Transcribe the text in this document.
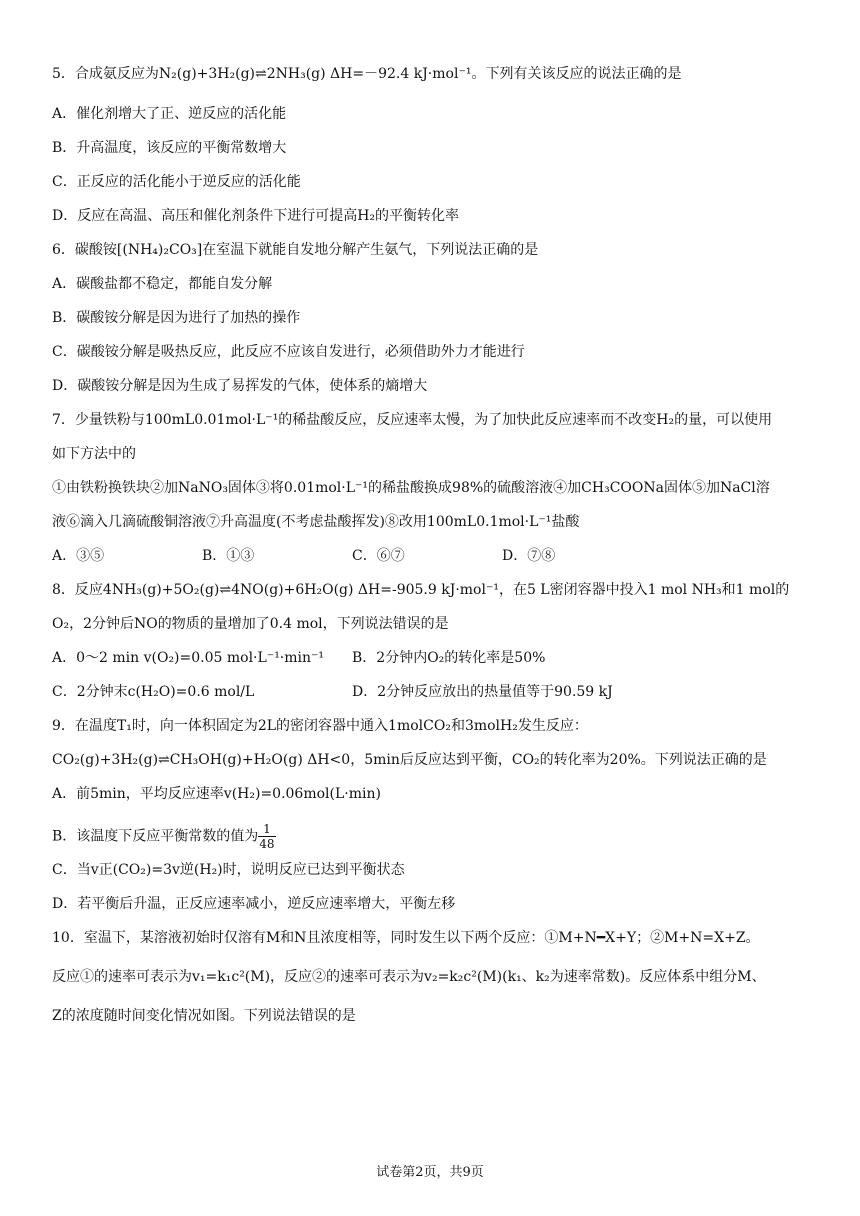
5．合成氨反应为N₂(g)+3H₂(g)⇌2NH₃(g) ΔH=－92.4 kJ·mol⁻¹。下列有关该反应的说法正确的是
A．催化剂增大了正、逆反应的活化能
B．升高温度，该反应的平衡常数增大
C．正反应的活化能小于逆反应的活化能
D．反应在高温、高压和催化剂条件下进行可提高H₂的平衡转化率
6．碳酸铵[(NH₄)₂CO₃]在室温下就能自发地分解产生氨气，下列说法正确的是
A．碳酸盐都不稳定，都能自发分解
B．碳酸铵分解是因为进行了加热的操作
C．碳酸铵分解是吸热反应，此反应不应该自发进行，必须借助外力才能进行
D．碳酸铵分解是因为生成了易挥发的气体，使体系的熵增大
7．少量铁粉与100mL0.01mol·L⁻¹的稀盐酸反应，反应速率太慢，为了加快此反应速率而不改变H₂的量，可以使用
如下方法中的
①由铁粉换铁块②加NaNO₃固体③将0.01mol·L⁻¹的稀盐酸换成98%的硫酸溶液④加CH₃COONa固体⑤加NaCl溶
液⑥滴入几滴硫酸铜溶液⑦升高温度(不考虑盐酸挥发)⑧改用100mL0.1mol·L⁻¹盐酸
A．③⑤	B．①③	C．⑥⑦	D．⑦⑧
8．反应4NH₃(g)+5O₂(g)⇌4NO(g)+6H₂O(g) ΔH=-905.9 kJ·mol⁻¹，在5 L密闭容器中投入1 mol NH₃和1 mol的
O₂，2分钟后NO的物质的量增加了0.4 mol，下列说法错误的是
A．0～2 min v(O₂)=0.05 mol·L⁻¹·min⁻¹ B．2分钟内O₂的转化率是50%
C．2分钟末c(H₂O)=0.6 mol/L	D．2分钟反应放出的热量值等于90.59 kJ
9．在温度T₁时，向一体积固定为2L的密闭容器中通入1molCO₂和3molH₂发生反应：
CO₂(g)+3H₂(g)⇌CH₃OH(g)+H₂O(g) ΔH<0，5min后反应达到平衡，CO₂的转化率为20%。下列说法正确的是
A．前5min，平均反应速率v(H₂)=0.06mol(L·min)
B．该温度下反应平衡常数的值为 $\frac{1}{48}$
C．当v正(CO₂)=3v逆(H₂)时，说明反应已达到平衡状态
D．若平衡后升温，正反应速率减小，逆反应速率增大，平衡左移
10．室温下，某溶液初始时仅溶有M和N且浓度相等，同时发生以下两个反应：①M+N━X+Y；②M+N=X+Z。
反应①的速率可表示为v₁=k₁c²(M)，反应②的速率可表示为v₂=k₂c²(M)(k₁、k₂为速率常数)。反应体系中组分M、
Z的浓度随时间变化情况如图。下列说法错误的是
试卷第2页，共9页
